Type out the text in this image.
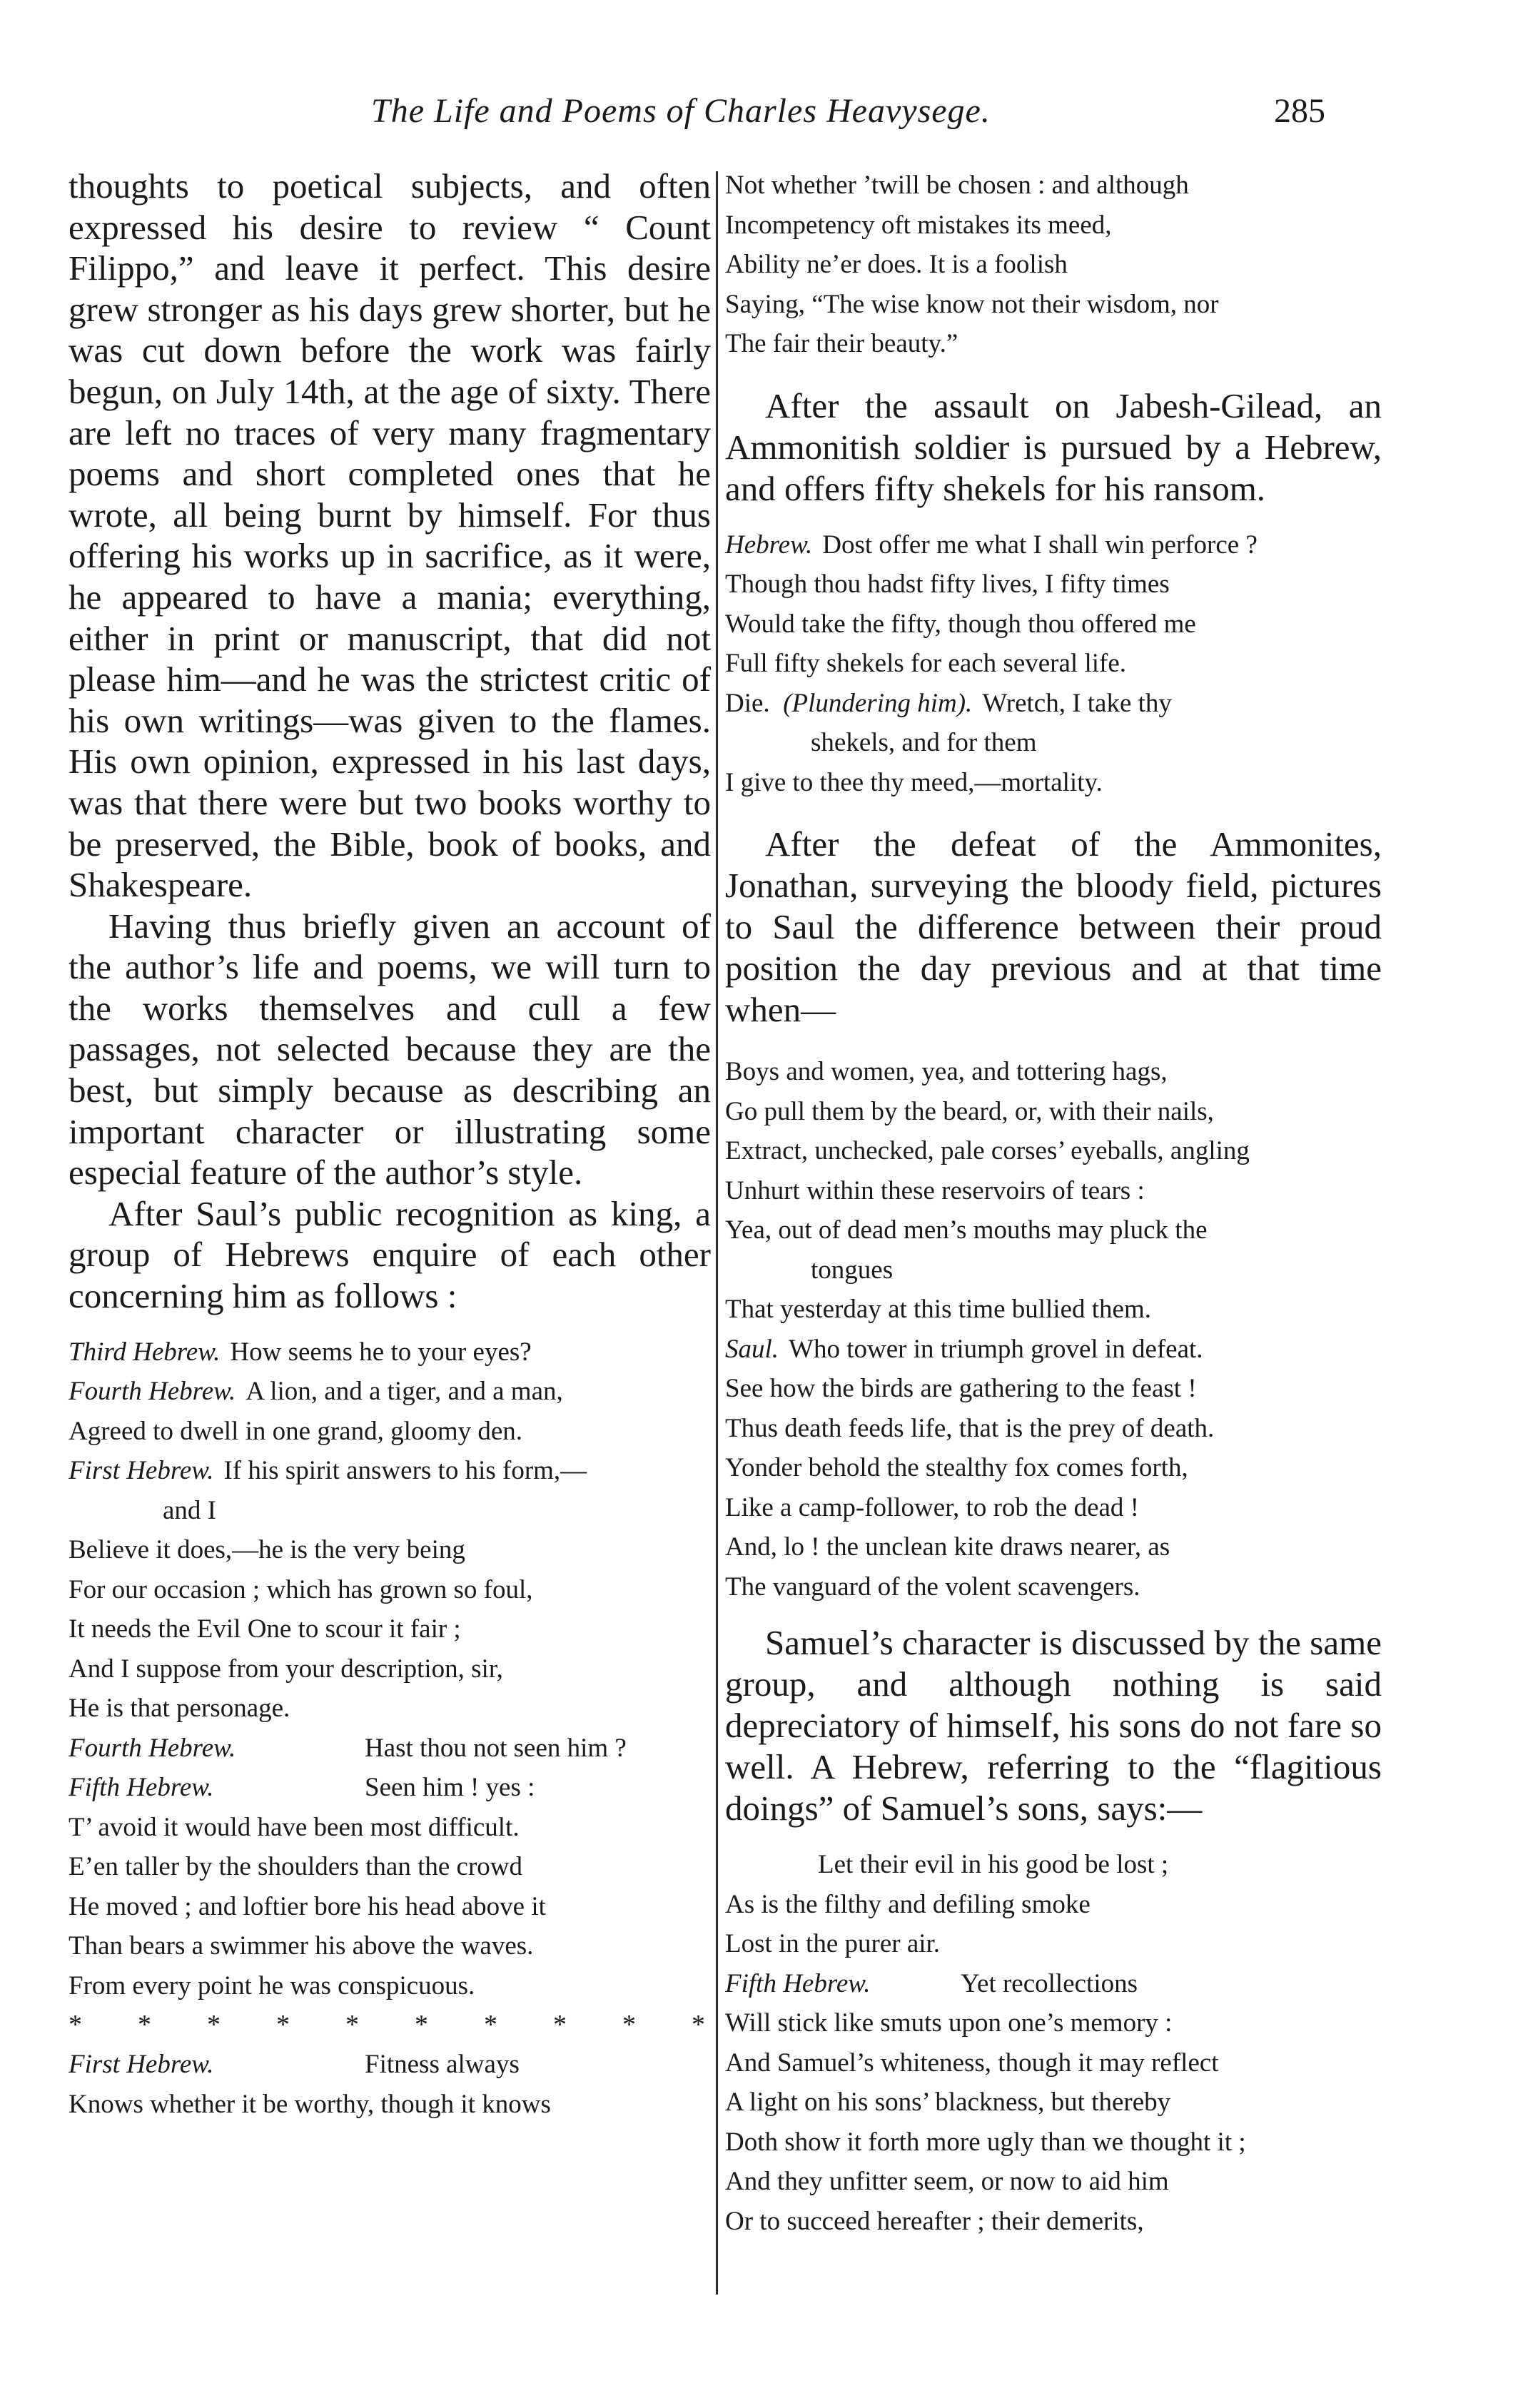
The Life and Poems of Charles Heavysege.	285

thoughts to poetical subjects, and often expressed his desire to review “ Count Filippo,” and leave it perfect. This desire grew stronger as his days grew shorter, but he was cut down before the work was fairly begun, on July 14th, at the age of sixty. There are left no traces of very many fragmentary poems and short completed ones that he wrote, all being burnt by himself. For thus offering his works up in sacrifice, as it were, he appeared to have a mania; everything, either in print or manuscript, that did not please him—and he was the strictest critic of his own writings—was given to the flames. His own opinion, expressed in his last days, was that there were but two books worthy to be preserved, the Bible, book of books, and Shakespeare.

Having thus briefly given an account of the author’s life and poems, we will turn to the works themselves and cull a few passages, not selected because they are the best, but simply because as describing an important character or illustrating some especial feature of the author’s style.

After Saul’s public recognition as king, a group of Hebrews enquire of each other concerning him as follows :

Third Hebrew. How seems he to your eyes?
Fourth Hebrew. A lion, and a tiger, and a man,
Agreed to dwell in one grand, gloomy den.
First Hebrew. If his spirit answers to his form,—
and I
Believe it does,—he is the very being
For our occasion ; which has grown so foul,
It needs the Evil One to scour it fair ;
And I suppose from your description, sir,
He is that personage.
Fourth Hebrew.	Hast thou not seen him ?
Fifth Hebrew.	Seen him ! yes :
T’ avoid it would have been most difficult.
E’en taller by the shoulders than the crowd
He moved ; and loftier bore his head above it
Than bears a swimmer his above the waves.
From every point he was conspicuous.
* * * * * * * * * *
First Hebrew.	Fitness always
Knows whether it be worthy, though it knows
Not whether ’twill be chosen : and although
Incompetency oft mistakes its meed,
Ability ne’er does. It is a foolish
Saying, “The wise know not their wisdom, nor
The fair their beauty.”

After the assault on Jabesh-Gilead, an Ammonitish soldier is pursued by a Hebrew, and offers fifty shekels for his ransom.

Hebrew. Dost offer me what I shall win perforce ?
Though thou hadst fifty lives, I fifty times
Would take the fifty, though thou offered me
Full fifty shekels for each several life.
Die. (Plundering him). Wretch, I take thy
shekels, and for them
I give to thee thy meed,—mortality.

After the defeat of the Ammonites, Jonathan, surveying the bloody field, pictures to Saul the difference between their proud position the day previous and at that time when—

Boys and women, yea, and tottering hags,
Go pull them by the beard, or, with their nails,
Extract, unchecked, pale corses’ eyeballs, angling
Unhurt within these reservoirs of tears :
Yea, out of dead men’s mouths may pluck the
tongues
That yesterday at this time bullied them.
Saul. Who tower in triumph grovel in defeat.
See how the birds are gathering to the feast !
Thus death feeds life, that is the prey of death.
Yonder behold the stealthy fox comes forth,
Like a camp-follower, to rob the dead !
And, lo ! the unclean kite draws nearer, as
The vanguard of the volent scavengers.

Samuel’s character is discussed by the same group, and although nothing is said depreciatory of himself, his sons do not fare so well. A Hebrew, referring to the “flagitious doings” of Samuel’s sons, says:—

Let their evil in his good be lost ;
As is the filthy and defiling smoke
Lost in the purer air.
Fifth Hebrew.	Yet recollections
Will stick like smuts upon one’s memory :
And Samuel’s whiteness, though it may reflect
A light on his sons’ blackness, but thereby
Doth show it forth more ugly than we thought it ;
And they unfitter seem, or now to aid him
Or to succeed hereafter ; their demerits,
